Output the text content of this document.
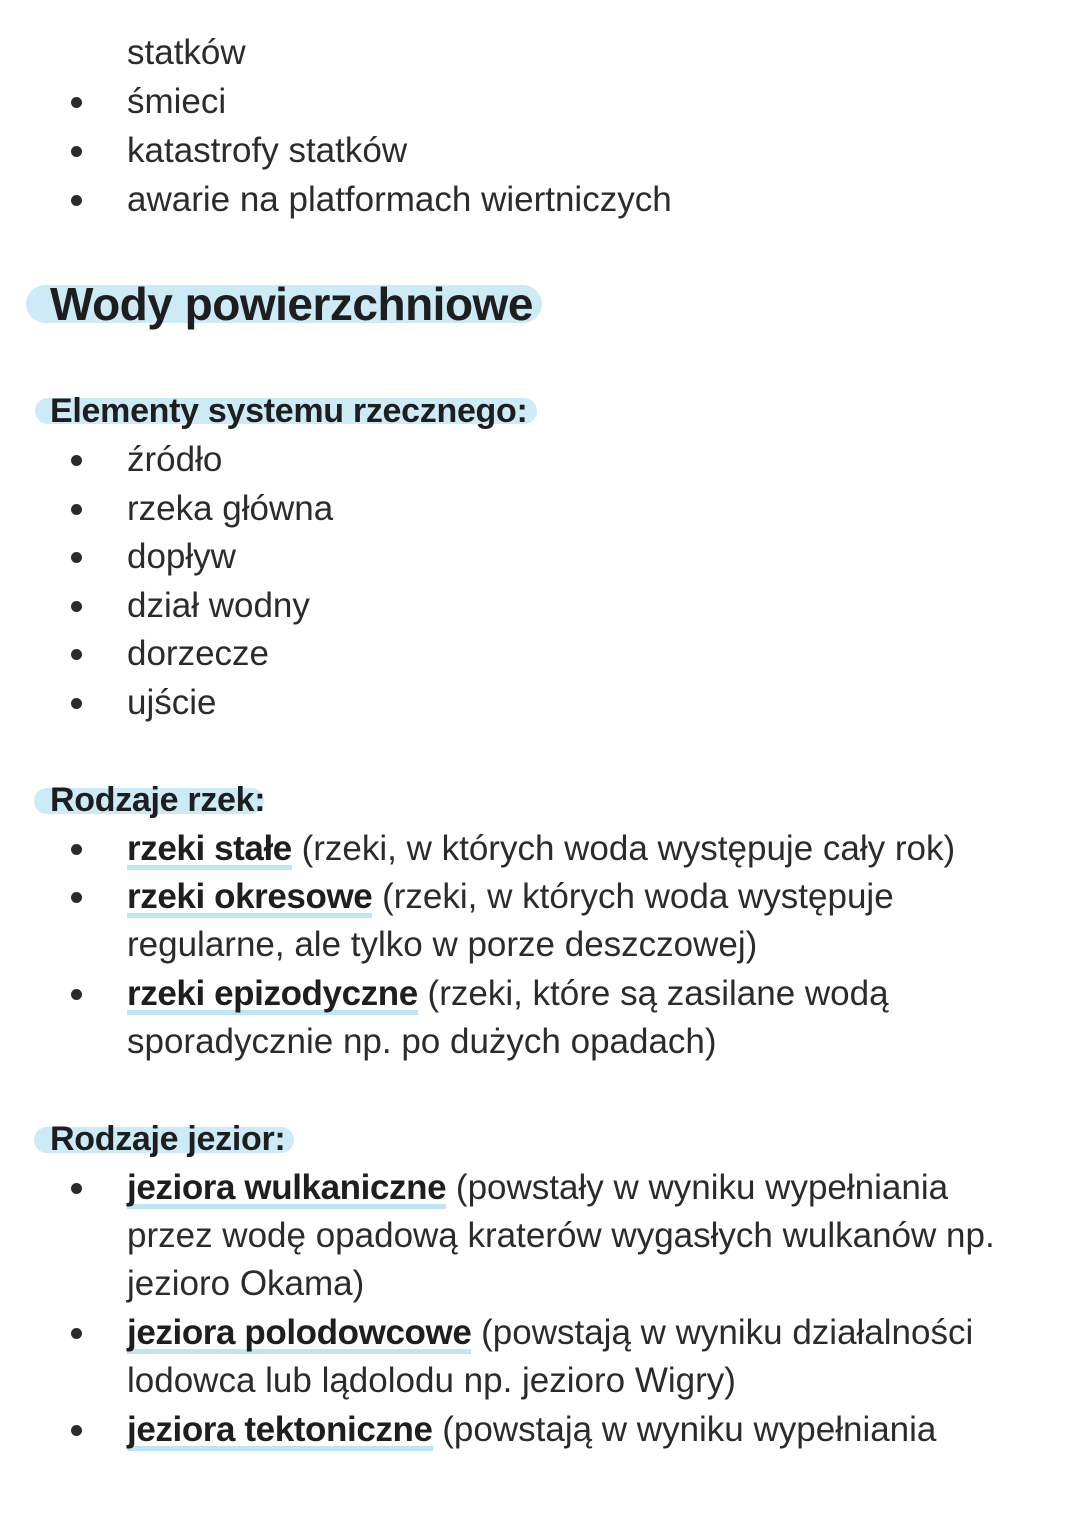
statków
śmieci
katastrofy statków
awarie na platformach wiertniczych
Wody powierzchniowe
Elementy systemu rzecznego:
źródło
rzeka główna
dopływ
dział wodny
dorzecze
ujście
Rodzaje rzek:
rzeki stałe (rzeki, w których woda występuje cały rok)
rzeki okresowe (rzeki, w których woda występuje
regularne, ale tylko w porze deszczowej)
rzeki epizodyczne (rzeki, które są zasilane wodą
sporadycznie np. po dużych opadach)
Rodzaje jezior:
jeziora wulkaniczne (powstały w wyniku wypełniania
przez wodę opadową kraterów wygasłych wulkanów np.
jezioro Okama)
jeziora polodowcowe (powstają w wyniku działalności
lodowca lub lądolodu np. jezioro Wigry)
jeziora tektoniczne (powstają w wyniku wypełniania
